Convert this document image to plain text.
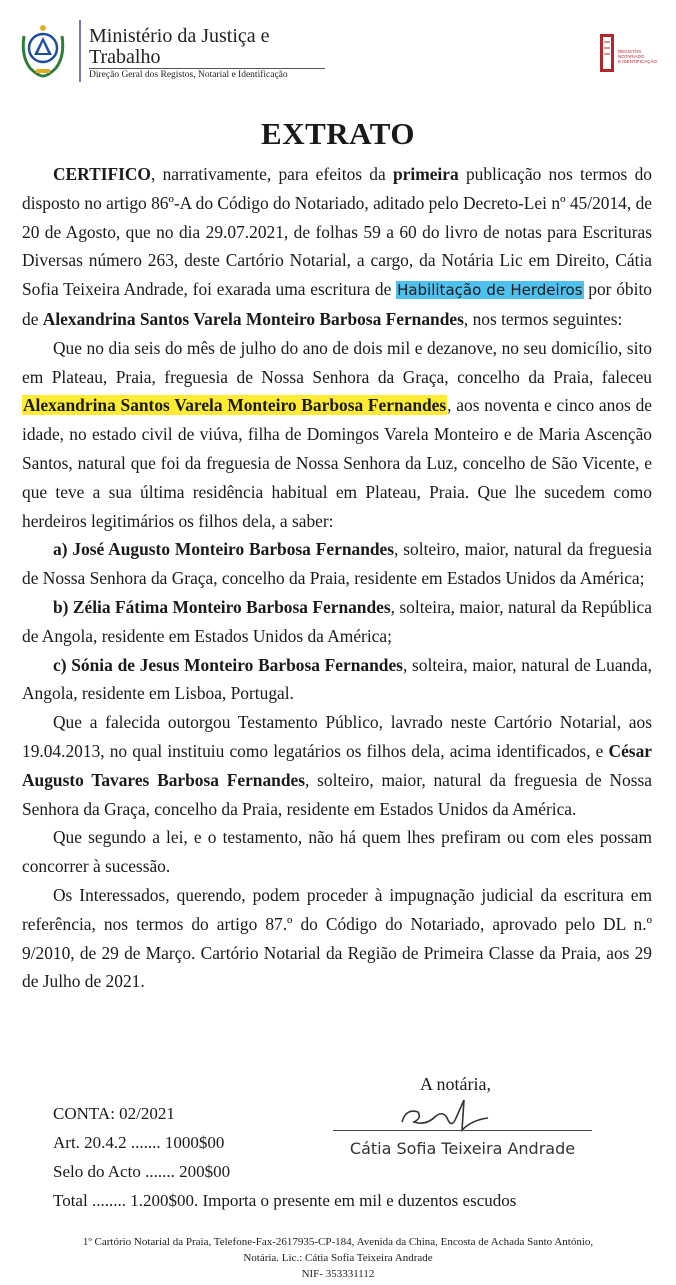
Ministério da Justiça e
Trabalho
Direção Geral dos Registos, Notarial e Identificação
REGISTOS
NOTARIADO
E IDENTIFICAÇÃO
EXTRATO

CERTIFICO, narrativamente, para efeitos da primeira publicação nos termos do disposto no artigo 86º-A do Código do Notariado, aditado pelo Decreto-Lei nº 45/2014, de 20 de Agosto, que no dia 29.07.2021, de folhas 59 a 60 do livro de notas para Escrituras Diversas número 263, deste Cartório Notarial, a cargo, da Notária Lic em Direito, Cátia Sofia Teixeira Andrade, foi exarada uma escritura de Habilitação de Herdeiros por óbito de Alexandrina Santos Varela Monteiro Barbosa Fernandes, nos termos seguintes:

Que no dia seis do mês de julho do ano de dois mil e dezanove, no seu domicílio, sito em Plateau, Praia, freguesia de Nossa Senhora da Graça, concelho da Praia, faleceu Alexandrina Santos Varela Monteiro Barbosa Fernandes, aos noventa e cinco anos de idade, no estado civil de viúva, filha de Domingos Varela Monteiro e de Maria Ascenção Santos, natural que foi da freguesia de Nossa Senhora da Luz, concelho de São Vicente, e que teve a sua última residência habitual em Plateau, Praia. Que lhe sucedem como herdeiros legitimários os filhos dela, a saber:

a) José Augusto Monteiro Barbosa Fernandes, solteiro, maior, natural da freguesia de Nossa Senhora da Graça, concelho da Praia, residente em Estados Unidos da América;

b) Zélia Fátima Monteiro Barbosa Fernandes, solteira, maior, natural da República de Angola, residente em Estados Unidos da América;

c) Sónia de Jesus Monteiro Barbosa Fernandes, solteira, maior, natural de Luanda, Angola, residente em Lisboa, Portugal.

Que a falecida outorgou Testamento Público, lavrado neste Cartório Notarial, aos 19.04.2013, no qual instituiu como legatários os filhos dela, acima identificados, e César Augusto Tavares Barbosa Fernandes, solteiro, maior, natural da freguesia de Nossa Senhora da Graça, concelho da Praia, residente em Estados Unidos da América.

Que segundo a lei, e o testamento, não há quem lhes prefiram ou com eles possam concorrer à sucessão.

Os Interessados, querendo, podem proceder à impugnação judicial da escritura em referência, nos termos do artigo 87.º do Código do Notariado, aprovado pelo DL n.º 9/2010, de 29 de Março. Cartório Notarial da Região de Primeira Classe da Praia, aos 29 de Julho de 2021.

A notária,
Cátia Sofia Teixeira Andrade
CONTA: 02/2021
Art. 20.4.2 ....... 1000$00
Selo do Acto ....... 200$00
Total ........ 1.200$00. Importa o presente em mil e duzentos escudos
1º Cartório Notarial da Praia, Telefone-Fax-2617935-CP-184, Avenida da China, Encosta de Achada Santo António,
Notária. Lic.: Cátia Sofia Teixeira Andrade
NIF- 353331112
